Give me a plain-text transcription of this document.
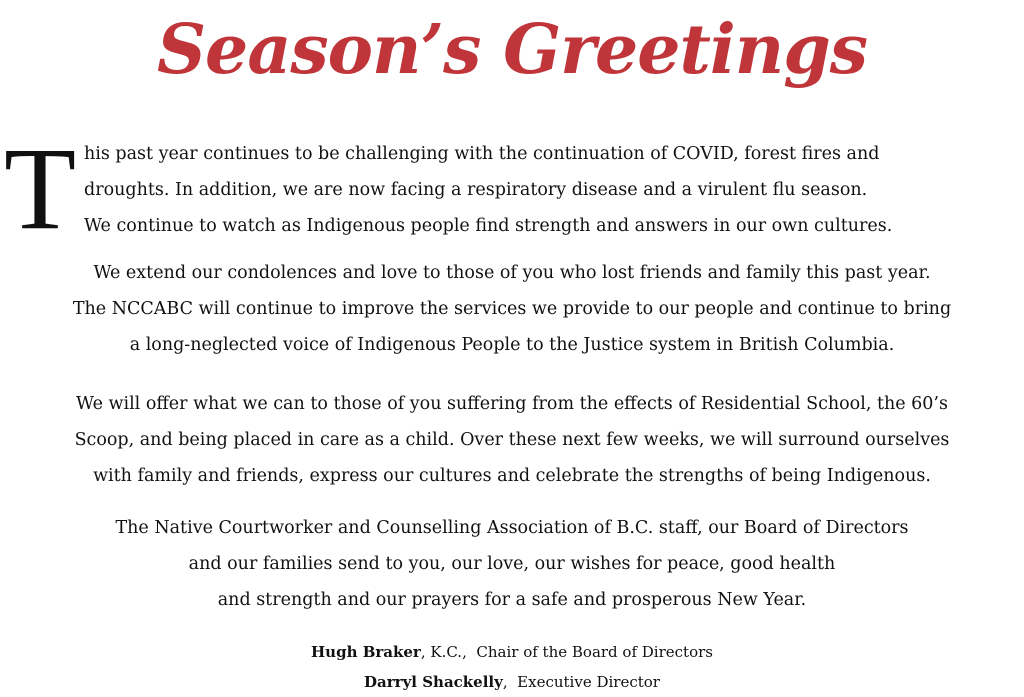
Season’s Greetings
T his past year continues to be challenging with the continuation of COVID, forest fires and
droughts. In addition, we are now facing a respiratory disease and a virulent flu season.
We continue to watch as Indigenous people find strength and answers in our own cultures.
We extend our condolences and love to those of you who lost friends and family this past year.
The NCCABC will continue to improve the services we provide to our people and continue to bring
a long-neglected voice of Indigenous People to the Justice system in British Columbia.
We will offer what we can to those of you suffering from the effects of Residential School, the 60’s
Scoop, and being placed in care as a child. Over these next few weeks, we will surround ourselves
with family and friends, express our cultures and celebrate the strengths of being Indigenous.
The Native Courtworker and Counselling Association of B.C. staff, our Board of Directors
and our families send to you, our love, our wishes for peace, good health
and strength and our prayers for a safe and prosperous New Year.
Hugh Braker, K.C., Chair of the Board of Directors
Darryl Shackelly, Executive Director
